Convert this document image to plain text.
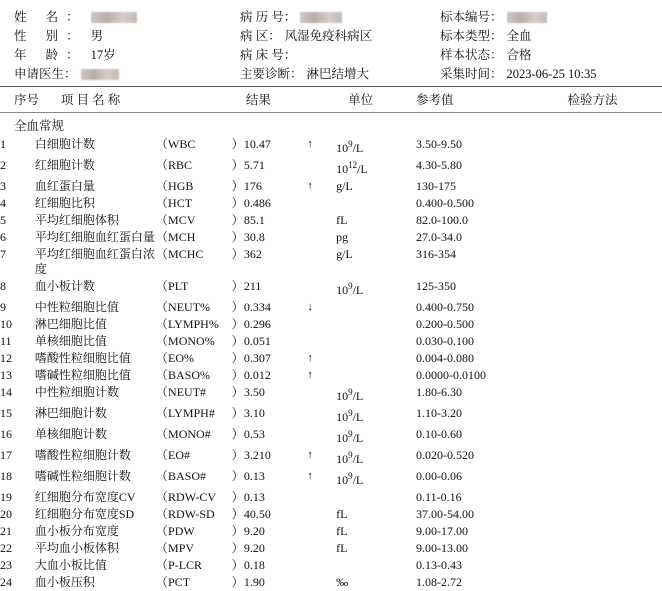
姓 名：	病 历 号：	标本编号：
性 别： 男	病 区： 风湿免疫科病区	标本类型： 全血
年 龄： 17岁	病 床 号：	样本状态： 合格
申请医生：	主要诊断： 淋巴结增大	采集时间： 2023-06-25 10:35
序号	项 目 名 称	结果	单位	参考值	检验方法
全血常规
1	白细胞计数	（	WBC	）	10.47	↑	$10^9/L$	3.50-9.50	
2	红细胞计数	（	RBC	）	5.71		$10^{12}/L$	4.30-5.80	
3	血红蛋白量	（	HGB	）	176	↑	g/L	130-175	
4	红细胞比积	（	HCT	）	0.486			0.400-0.500	
5	平均红细胞体积	（	MCV	）	85.1		fL	82.0-100.0	
6	平均红细胞血红蛋白量	（	MCH	）	30.8		pg	27.0-34.0	
7	平均红细胞血红蛋白浓度	（	MCHC	）	362		g/L	316-354	
8	血小板计数	（	PLT	）	211		$10^9/L$	125-350	
9	中性粒细胞比值	（	NEUT%	）	0.334	↓		0.400-0.750	
10	淋巴细胞比值	（	LYMPH%	）	0.296			0.200-0.500	
11	单核细胞比值	（	MONO%	）	0.051			0.030-0.100	
12	嗜酸性粒细胞比值	（	EO%	）	0.307	↑		0.004-0.080	
13	嗜碱性粒细胞比值	（	BASO%	）	0.012	↑		0.0000-0.0100	
14	中性粒细胞计数	（	NEUT#	）	3.50		$10^9/L$	1.80-6.30	
15	淋巴细胞计数	（	LYMPH#	）	3.10		$10^9/L$	1.10-3.20	
16	单核细胞计数	（	MONO#	）	0.53		$10^9/L$	0.10-0.60	
17	嗜酸性粒细胞计数	（	EO#	）	3.210	↑	$10^9/L$	0.020-0.520	
18	嗜碱性粒细胞计数	（	BASO#	）	0.13	↑	$10^9/L$	0.00-0.06	
19	红细胞分布宽度CV	（	RDW-CV	）	0.13			0.11-0.16	
20	红细胞分布宽度SD	（	RDW-SD	）	40.50		fL	37.00-54.00	
21	血小板分布宽度	（	PDW	）	9.20		fL	9.00-17.00	
22	平均血小板体积	（	MPV	）	9.20		fL	9.00-13.00	
23	大血小板比值	（	P-LCR	）	0.18			0.13-0.43	
24	血小板压积	（	PCT	）	1.90		‰	1.08-2.72	
